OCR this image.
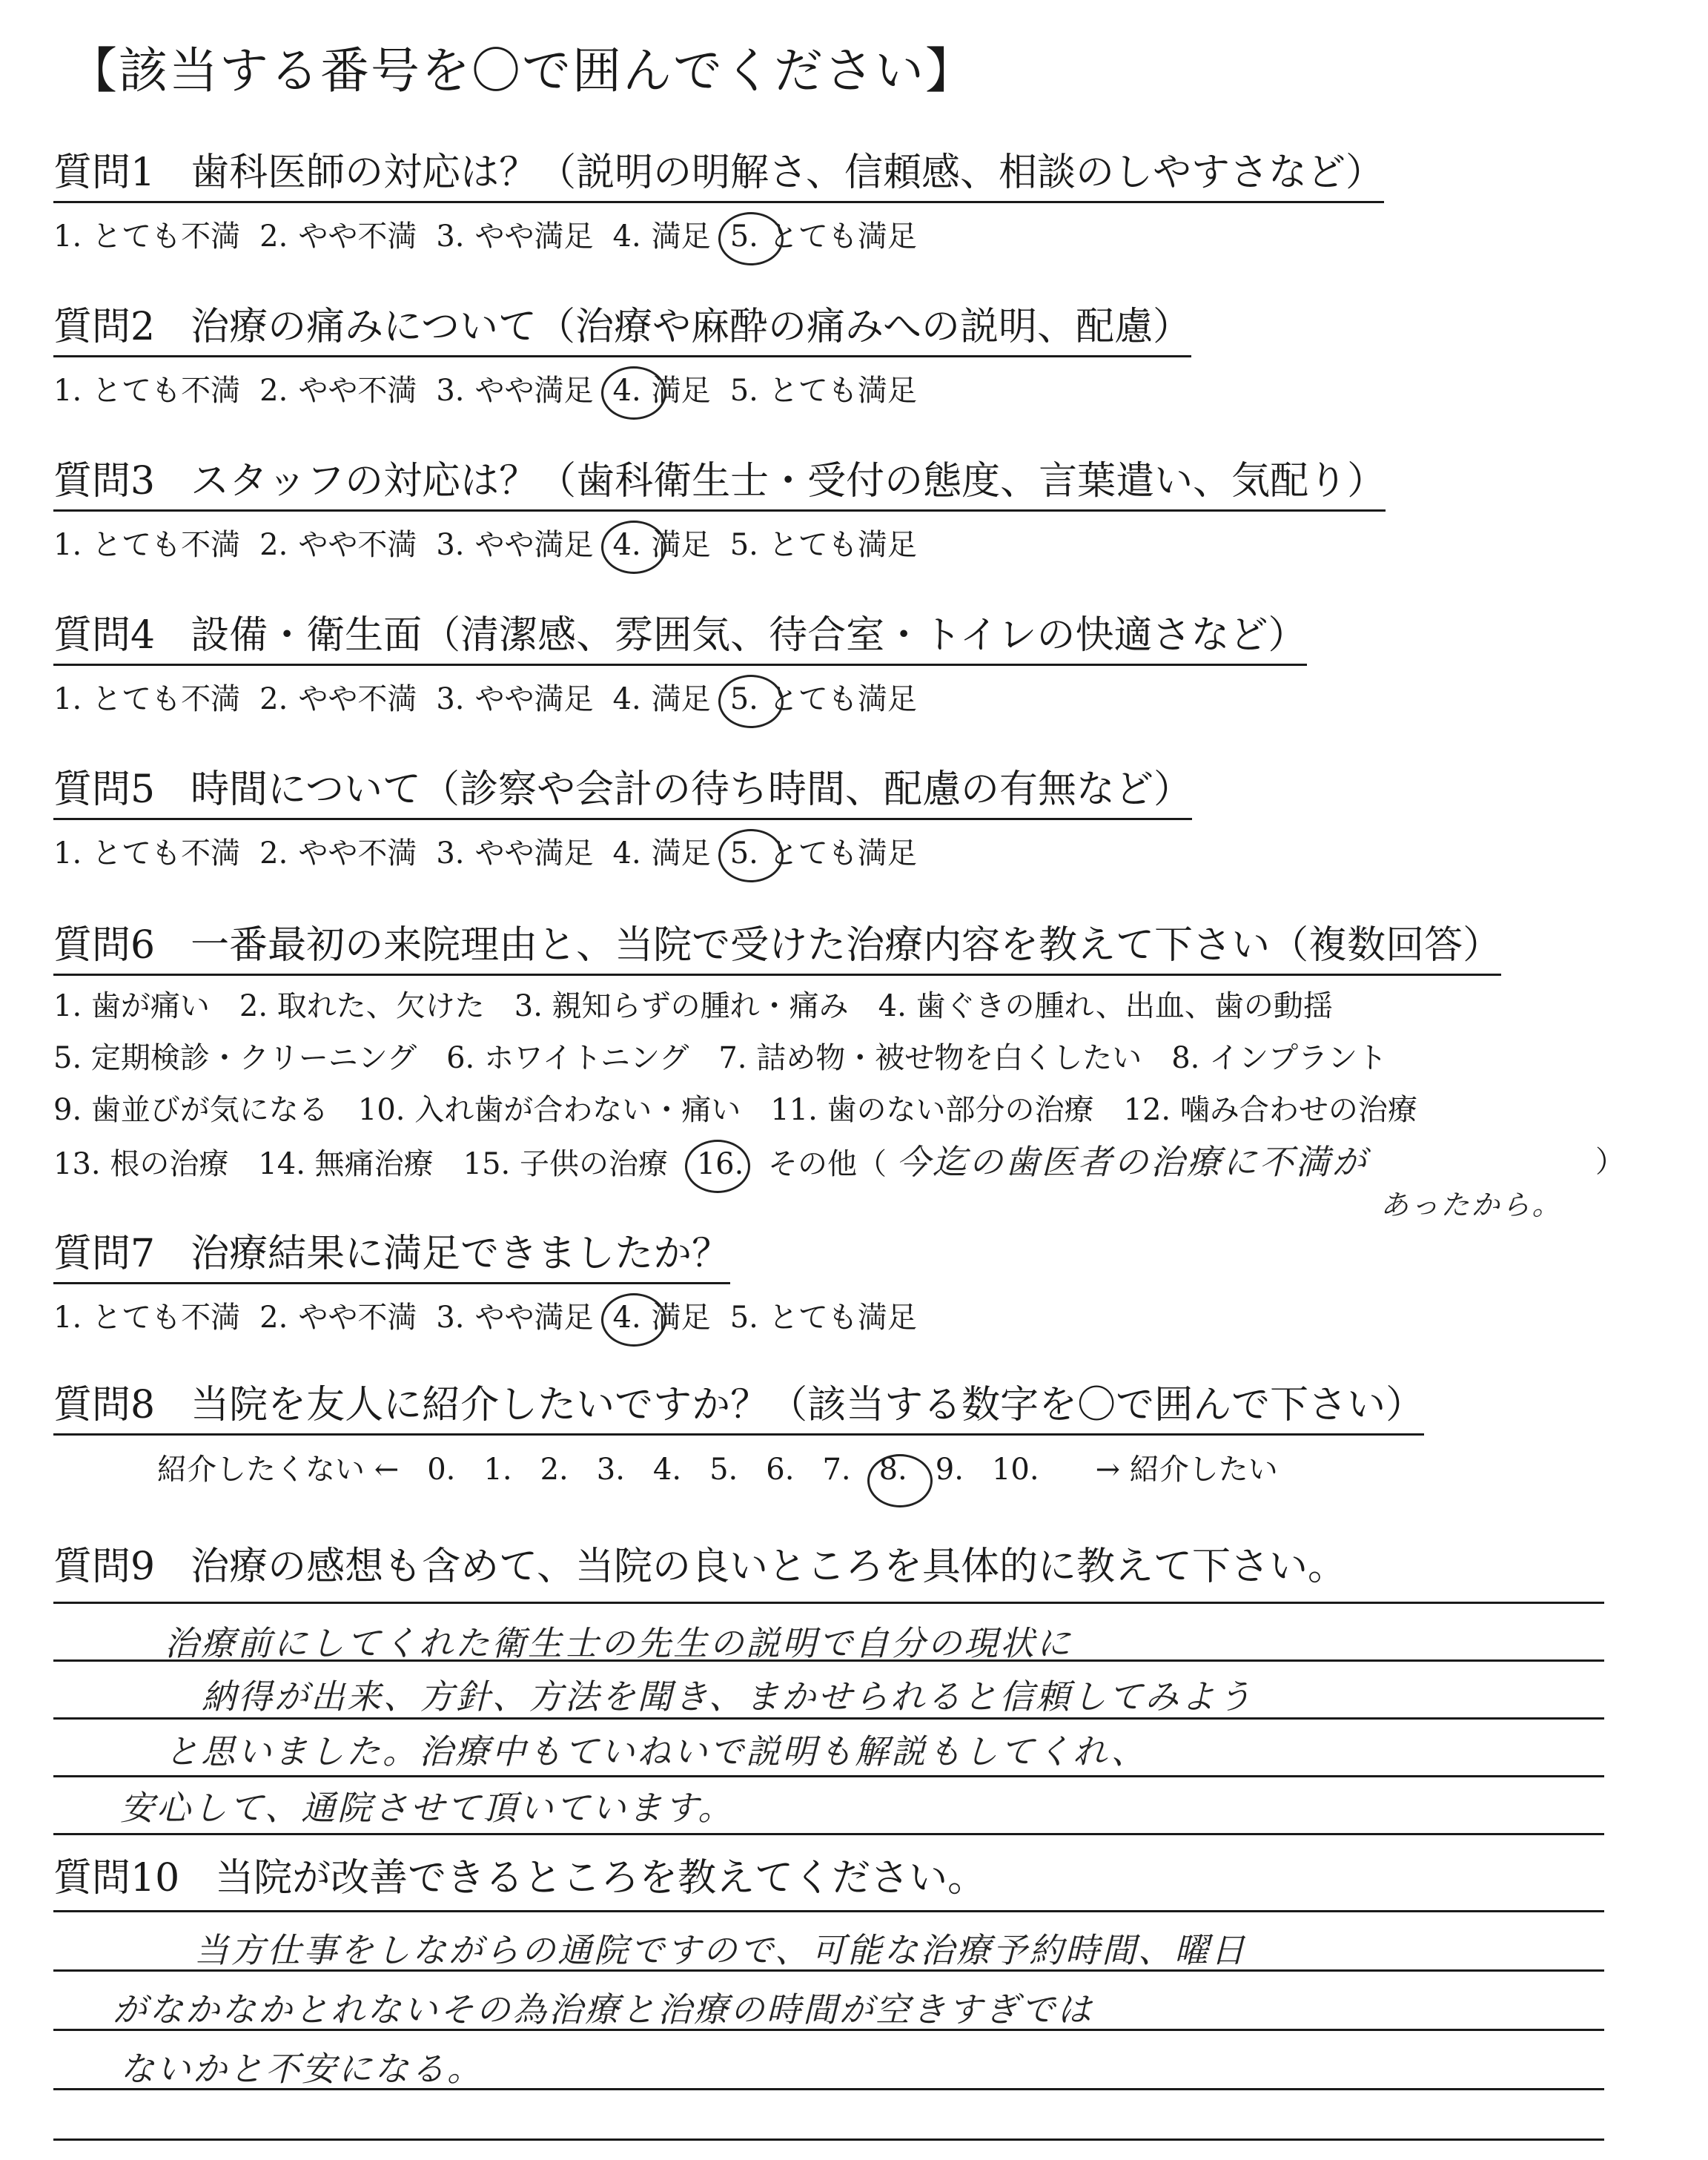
【該当する番号を〇で囲んでください】
質問1 歯科医師の対応は？（説明の明解さ、信頼感、相談のしやすさなど）
1. とても不満 2. やや不満 3. やや満足 4. 満足 5. とても満足
質問2 治療の痛みについて（治療や麻酔の痛みへの説明、配慮）
1. とても不満 2. やや不満 3. やや満足 4. 満足 5. とても満足
質問3 スタッフの対応は？（歯科衛生士・受付の態度、言葉遣い、気配り）
1. とても不満 2. やや不満 3. やや満足 4. 満足 5. とても満足
質問4 設備・衛生面（清潔感、雰囲気、待合室・トイレの快適さなど）
1. とても不満 2. やや不満 3. やや満足 4. 満足 5. とても満足
質問5 時間について（診察や会計の待ち時間、配慮の有無など）
1. とても不満 2. やや不満 3. やや満足 4. 満足 5. とても満足
質問6 一番最初の来院理由と、当院で受けた治療内容を教えて下さい（複数回答）
1. 歯が痛い　2. 取れた、欠けた　3. 親知らずの腫れ・痛み　4. 歯ぐきの腫れ、出血、歯の動揺
5. 定期検診・クリーニング　6. ホワイトニング　7. 詰め物・被せ物を白くしたい　8. インプラント
9. 歯並びが気になる　10. 入れ歯が合わない・痛い　11. 歯のない部分の治療　12. 噛み合わせの治療
13. 根の治療　14. 無痛治療　15. 子供の治療 16. その他（ 今迄の歯医者の治療に不満が	）
あったから。
質問7 治療結果に満足できましたか？
1. とても不満 2. やや不満 3. やや満足 4. 満足 5. とても満足
質問8 当院を友人に紹介したいですか？（該当する数字を〇で囲んで下さい）
紹介したくない ← 0. 1. 2. 3. 4. 5. 6. 7. 8. 9. 10. → 紹介したい
質問9 治療の感想も含めて、当院の良いところを具体的に教えて下さい。
治療前にしてくれた衛生士の先生の説明で自分の現状に
納得が出来、方針、方法を聞き、まかせられると信頼してみよう
と思いました。治療中もていねいで説明も解説もしてくれ、
安心して、通院させて頂いています。
質問10 当院が改善できるところを教えてください。
当方仕事をしながらの通院ですので、可能な治療予約時間、曜日
がなかなかとれないその為治療と治療の時間が空きすぎでは
ないかと不安になる。
